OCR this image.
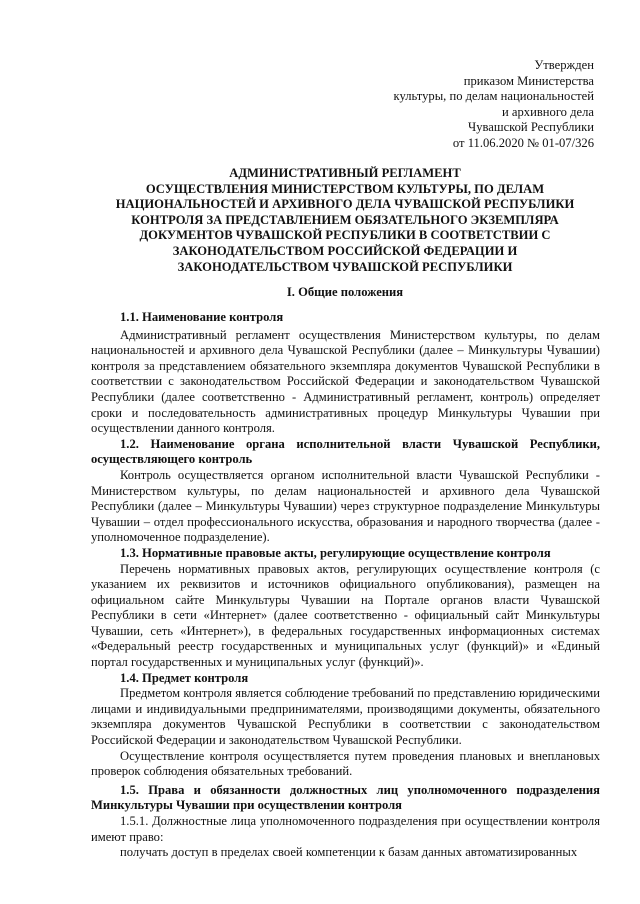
Утвержден
приказом Министерства
культуры, по делам национальностей
и архивного дела
Чувашской Республики
от 11.06.2020 № 01-07/326
АДМИНИСТРАТИВНЫЙ РЕГЛАМЕНТ
ОСУЩЕСТВЛЕНИЯ МИНИСТЕРСТВОМ КУЛЬТУРЫ, ПО ДЕЛАМ
НАЦИОНАЛЬНОСТЕЙ И АРХИВНОГО ДЕЛА ЧУВАШСКОЙ РЕСПУБЛИКИ
КОНТРОЛЯ ЗА ПРЕДСТАВЛЕНИЕМ ОБЯЗАТЕЛЬНОГО ЭКЗЕМПЛЯРА
ДОКУМЕНТОВ ЧУВАШСКОЙ РЕСПУБЛИКИ В СООТВЕТСТВИИ С
ЗАКОНОДАТЕЛЬСТВОМ РОССИЙСКОЙ ФЕДЕРАЦИИ И
ЗАКОНОДАТЕЛЬСТВОМ ЧУВАШСКОЙ РЕСПУБЛИКИ
I. Общие положения

1.1. Наименование контроля

Административный регламент осуществления Министерством культуры, по делам национальностей и архивного дела Чувашской Республики (далее – Минкультуры Чувашии) контроля за представлением обязательного экземпляра документов Чувашской Республики в соответствии с законодательством Российской Федерации и законодательством Чувашской Республики (далее соответственно - Административный регламент, контроль) определяет сроки и последовательность административных процедур Минкультуры Чувашии при осуществлении данного контроля.

1.2. Наименование органа исполнительной власти Чувашской Республики, осуществляющего контроль

Контроль осуществляется органом исполнительной власти Чувашской Республики - Министерством культуры, по делам национальностей и архивного дела Чувашской Республики (далее – Минкультуры Чувашии) через структурное подразделение Минкультуры Чувашии – отдел профессионального искусства, образования и народного творчества (далее - уполномоченное подразделение).

1.3. Нормативные правовые акты, регулирующие осуществление контроля

Перечень нормативных правовых актов, регулирующих осуществление контроля (с указанием их реквизитов и источников официального опубликования), размещен на официальном сайте Минкультуры Чувашии на Портале органов власти Чувашской Республики в сети «Интернет» (далее соответственно - официальный сайт Минкультуры Чувашии, сеть «Интернет»), в федеральных государственных информационных системах «Федеральный реестр государственных и муниципальных услуг (функций)» и «Единый портал государственных и муниципальных услуг (функций)».

1.4. Предмет контроля

Предметом контроля является соблюдение требований по представлению юридическими лицами и индивидуальными предпринимателями, производящими документы, обязательного экземпляра документов Чувашской Республики в соответствии с законодательством Российской Федерации и законодательством Чувашской Республики.

Осуществление контроля осуществляется путем проведения плановых и внеплановых проверок соблюдения обязательных требований.

1.5. Права и обязанности должностных лиц уполномоченного подразделения Минкультуры Чувашии при осуществлении контроля

1.5.1. Должностные лица уполномоченного подразделения при осуществлении контроля имеют право:

получать доступ в пределах своей компетенции к базам данных автоматизированных
